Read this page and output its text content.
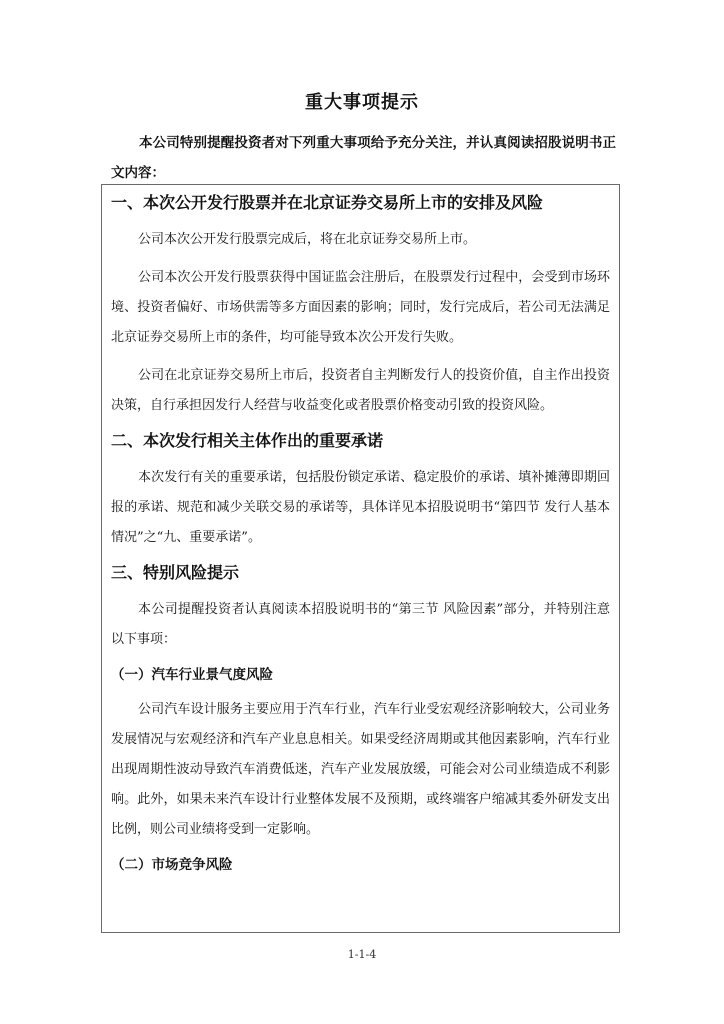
重大事项提示
本公司特别提醒投资者对下列重大事项给予充分关注，并认真阅读招股说明书正文内容：
一、本次公开发行股票并在北京证券交易所上市的安排及风险
公司本次公开发行股票完成后，将在北京证券交易所上市。
公司本次公开发行股票获得中国证监会注册后，在股票发行过程中，会受到市场环境、投资者偏好、市场供需等多方面因素的影响；同时，发行完成后，若公司无法满足北京证券交易所上市的条件，均可能导致本次公开发行失败。
公司在北京证券交易所上市后，投资者自主判断发行人的投资价值，自主作出投资决策，自行承担因发行人经营与收益变化或者股票价格变动引致的投资风险。
二、本次发行相关主体作出的重要承诺
本次发行有关的重要承诺，包括股份锁定承诺、稳定股价的承诺、填补摊薄即期回报的承诺、规范和减少关联交易的承诺等，具体详见本招股说明书“第四节 发行人基本情况”之“九、重要承诺”。
三、特别风险提示
本公司提醒投资者认真阅读本招股说明书的“第三节 风险因素”部分，并特别注意以下事项：
（一）汽车行业景气度风险
公司汽车设计服务主要应用于汽车行业，汽车行业受宏观经济影响较大，公司业务发展情况与宏观经济和汽车产业息息相关。如果受经济周期或其他因素影响，汽车行业出现周期性波动导致汽车消费低迷，汽车产业发展放缓，可能会对公司业绩造成不利影响。此外，如果未来汽车设计行业整体发展不及预期，或终端客户缩减其委外研发支出比例，则公司业绩将受到一定影响。
（二）市场竞争风险
1-1-4
